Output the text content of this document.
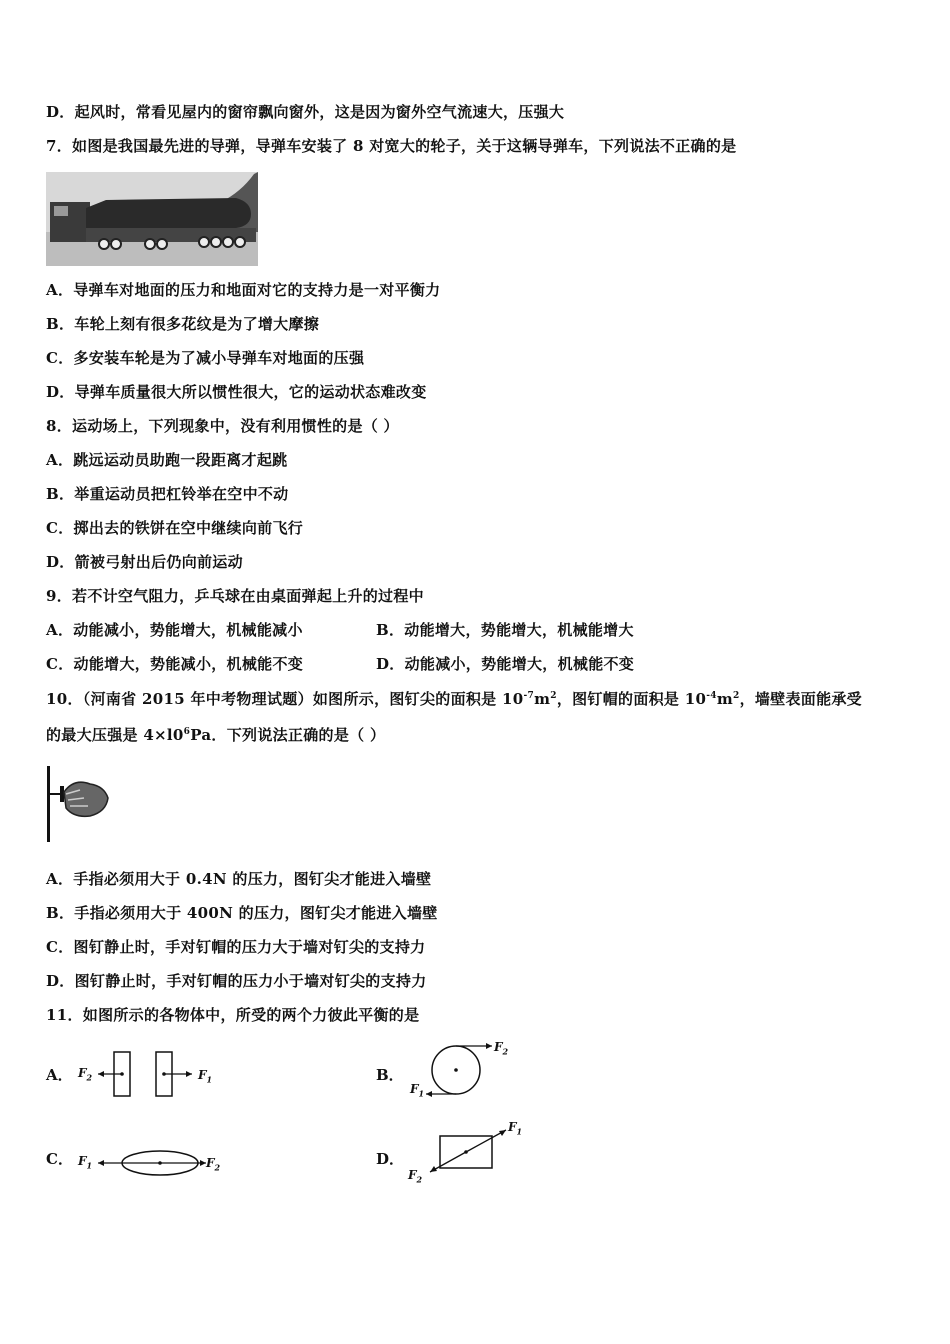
D．起风时，常看见屋内的窗帘飘向窗外，这是因为窗外空气流速大，压强大
7．如图是我国最先进的导弹，导弹车安装了 8 对宽大的轮子，关于这辆导弹车，下列说法不正确的是
A．导弹车对地面的压力和地面对它的支持力是一对平衡力
B．车轮上刻有很多花纹是为了增大摩擦
C．多安装车轮是为了减小导弹车对地面的压强
D．导弹车质量很大所以惯性很大，它的运动状态难改变
8．运动场上，下列现象中，没有利用惯性的是（ ）
A．跳远运动员助跑一段距离才起跳
B．举重运动员把杠铃举在空中不动
C．掷出去的铁饼在空中继续向前飞行
D．箭被弓射出后仍向前运动
9．若不计空气阻力，乒乓球在由桌面弹起上升的过程中
A．动能减小，势能增大，机械能减小	B．动能增大，势能增大，机械能增大
C．动能增大，势能减小，机械能不变	D．动能减小，势能增大，机械能不变
10．（河南省 2015 年中考物理试题）如图所示，图钉尖的面积是 $10^{-7}m^2$，图钉帽的面积是 $10^{-4}m^2$，墙壁表面能承受
的最大压强是 $4\times l0^6Pa$．下列说法正确的是（ ）
A．手指必须用大于 0.4N 的压力，图钉尖才能进入墙壁
B．手指必须用大于 400N 的压力，图钉尖才能进入墙壁
C．图钉静止时，手对钉帽的压力大于墙对钉尖的支持力
D．图钉静止时，手对钉帽的压力小于墙对钉尖的支持力
11．如图所示的各物体中，所受的两个力彼此平衡的是
A． $F_2$	$F_1$	B．
$F_2$
$F_1$
C． $F_1$	$F_2$	D．
$F_1$
$F_2$
